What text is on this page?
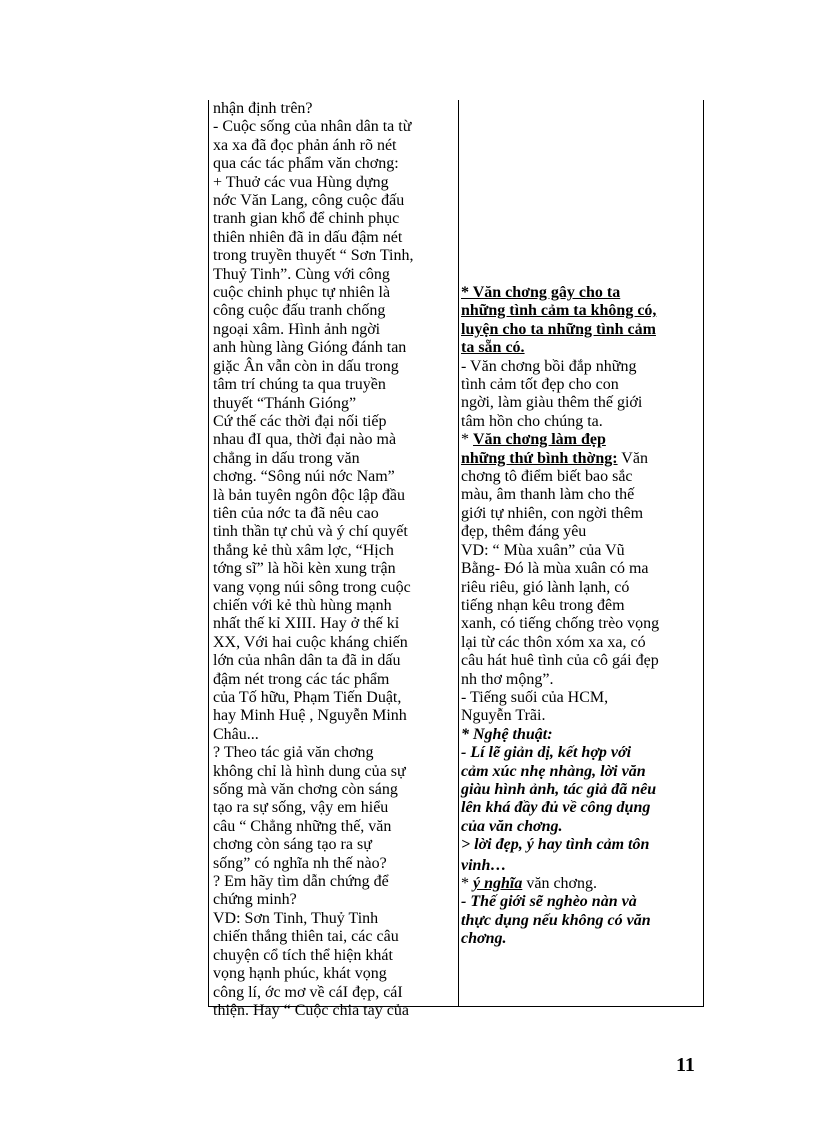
nhận định trên?
- Cuộc sống của nhân dân ta từ
xa xa đã đọc phản ánh rõ nét
qua các tác phẩm văn chơng:
+ Thuở các vua Hùng dựng
nớc Văn Lang, công cuộc đấu
tranh gian khổ để chinh phục
thiên nhiên đã in dấu đậm nét
trong truyền thuyết “ Sơn Tinh,
Thuỷ Tinh”. Cùng với công
cuộc chinh phục tự nhiên là
công cuộc đấu tranh chống
ngoại xâm. Hình ảnh ngời
anh hùng làng Gióng đánh tan
giặc Ân vẫn còn in dấu trong
tâm trí chúng ta qua truyền
thuyết “Thánh Gióng”
Cứ thế các thời đại nối tiếp
nhau đI qua, thời đại nào mà
chẳng in dấu trong văn
chơng. “Sông núi nớc Nam”
là bản tuyên ngôn độc lập đầu
tiên của nớc ta đã nêu cao
tinh thần tự chủ và ý chí quyết
thắng kẻ thù xâm lợc, “Hịch
tớng sĩ” là hồi kèn xung trận
vang vọng núi sông trong cuộc
chiến với kẻ thù hùng mạnh
nhất thế kỉ XIII. Hay ở thế kỉ
XX, Với hai cuộc kháng chiến
lớn của nhân dân ta đã in dấu
đậm nét trong các tác phẩm
của Tố hữu, Phạm Tiến Duật,
hay Minh Huệ , Nguyễn Minh
Châu...
? Theo tác giả văn chơng
không chỉ là hình dung của sự
sống mà văn chơng còn sáng
tạo ra sự sống, vậy em hiểu
câu “ Chẳng những thế, văn
chơng còn sáng tạo ra sự
sống” có nghĩa nh thế nào?
? Em hãy tìm dẫn chứng để
chứng minh?
VD: Sơn Tinh, Thuỷ Tinh
chiến thắng thiên tai, các câu
chuyện cổ tích thể hiện khát
vọng hạnh phúc, khát vọng
công lí, ớc mơ về cáI đẹp, cáI
thiện. Hay “ Cuộc chia tay của
* Văn chơng gây cho ta
những tình cảm ta không có,
luyện cho ta những tình cảm
ta sẵn có.
- Văn chơng bồi đắp những
tình cảm tốt đẹp cho con
ngời, làm giàu thêm thế giới
tâm hồn cho chúng ta.
* Văn chơng làm đẹp
những thứ bình thờng: Văn
chơng tô điểm biết bao sắc
màu, âm thanh làm cho thế
giới tự nhiên, con ngời thêm
đẹp, thêm đáng yêu
VD: “ Mùa xuân” của Vũ
Bằng- Đó là mùa xuân có ma
riêu riêu, gió lành lạnh, có
tiếng nhạn kêu trong đêm
xanh, có tiếng chống trèo vọng
lại từ các thôn xóm xa xa, có
câu hát huê tình của cô gái đẹp
nh thơ mộng”.
- Tiếng suối của HCM,
Nguyễn Trãi.
* Nghệ thuật:
- Lí lẽ giản dị, kết hợp với
cảm xúc nhẹ nhàng, lời văn
giàu hình ảnh, tác giả đã nêu
lên khá đầy đủ về công dụng
của văn chơng.
> lời đẹp, ý hay tình cảm tôn
vinh…
* ý nghĩa văn chơng.
- Thế giới sẽ nghèo nàn và
thực dụng nếu không có văn
chơng.
11
